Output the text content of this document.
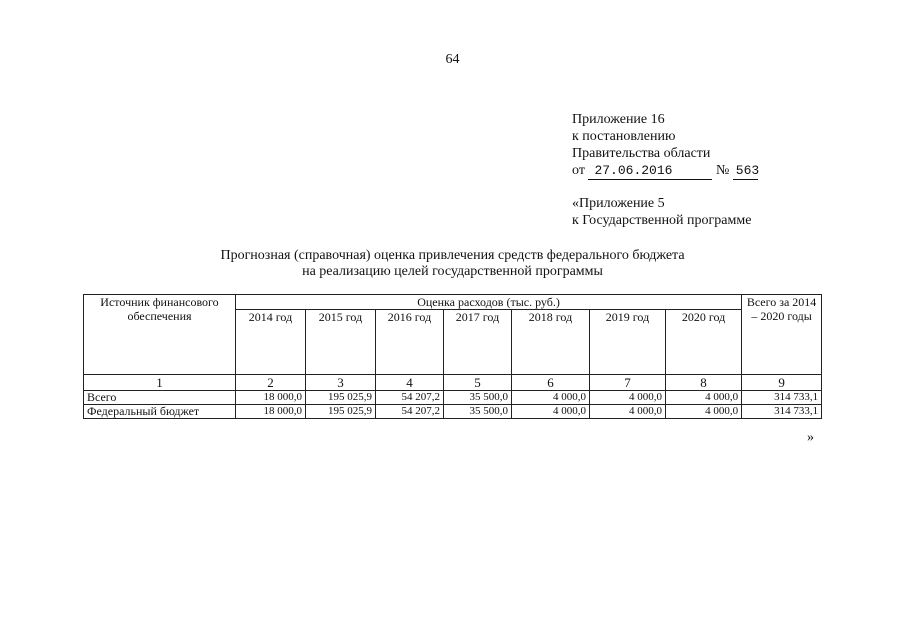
64
Приложение 16
к постановлению
Правительства области
от 27.06.2016	№ 563
«Приложение 5
к Государственной программе
Прогнозная (справочная) оценка привлечения средств федерального бюджета
на реализацию целей государственной программы
Источник финансового обеспечения	Оценка расходов (тыс. руб.)							Всего за 2014 – 2020 годы
	2014 год	2015 год	2016 год	2017 год	2018 год	2019 год	2020 год	
1	2	3	4	5	6	7	8	9
Всего	18 000,0	195 025,9	54 207,2	35 500,0	4 000,0	4 000,0	4 000,0	314 733,1
Федеральный бюджет	18 000,0	195 025,9	54 207,2	35 500,0	4 000,0	4 000,0	4 000,0	314 733,1
»
